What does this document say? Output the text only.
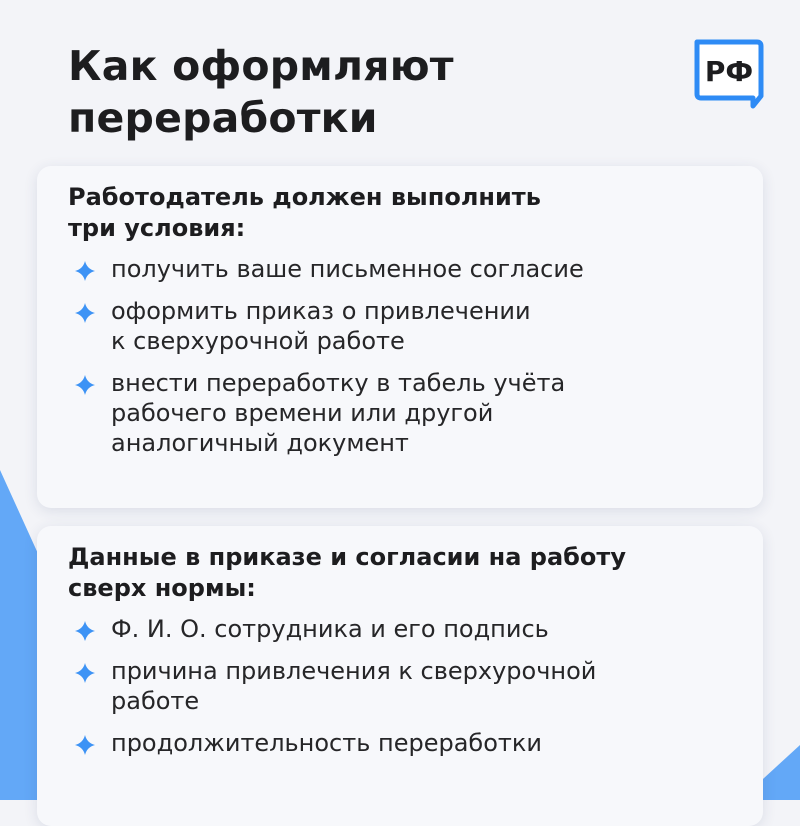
Как оформляют
переработки
РФ
Работодатель должен выполнить
три условия:
получить ваше письменное согласие
оформить приказ о привлечении
к сверхурочной работе
внести переработку в табель учёта
рабочего времени или другой
аналогичный документ
Данные в приказе и согласии на работу
сверх нормы:
Ф. И. О. сотрудника и его подпись
причина привлечения к сверхурочной
работе
продолжительность переработки
